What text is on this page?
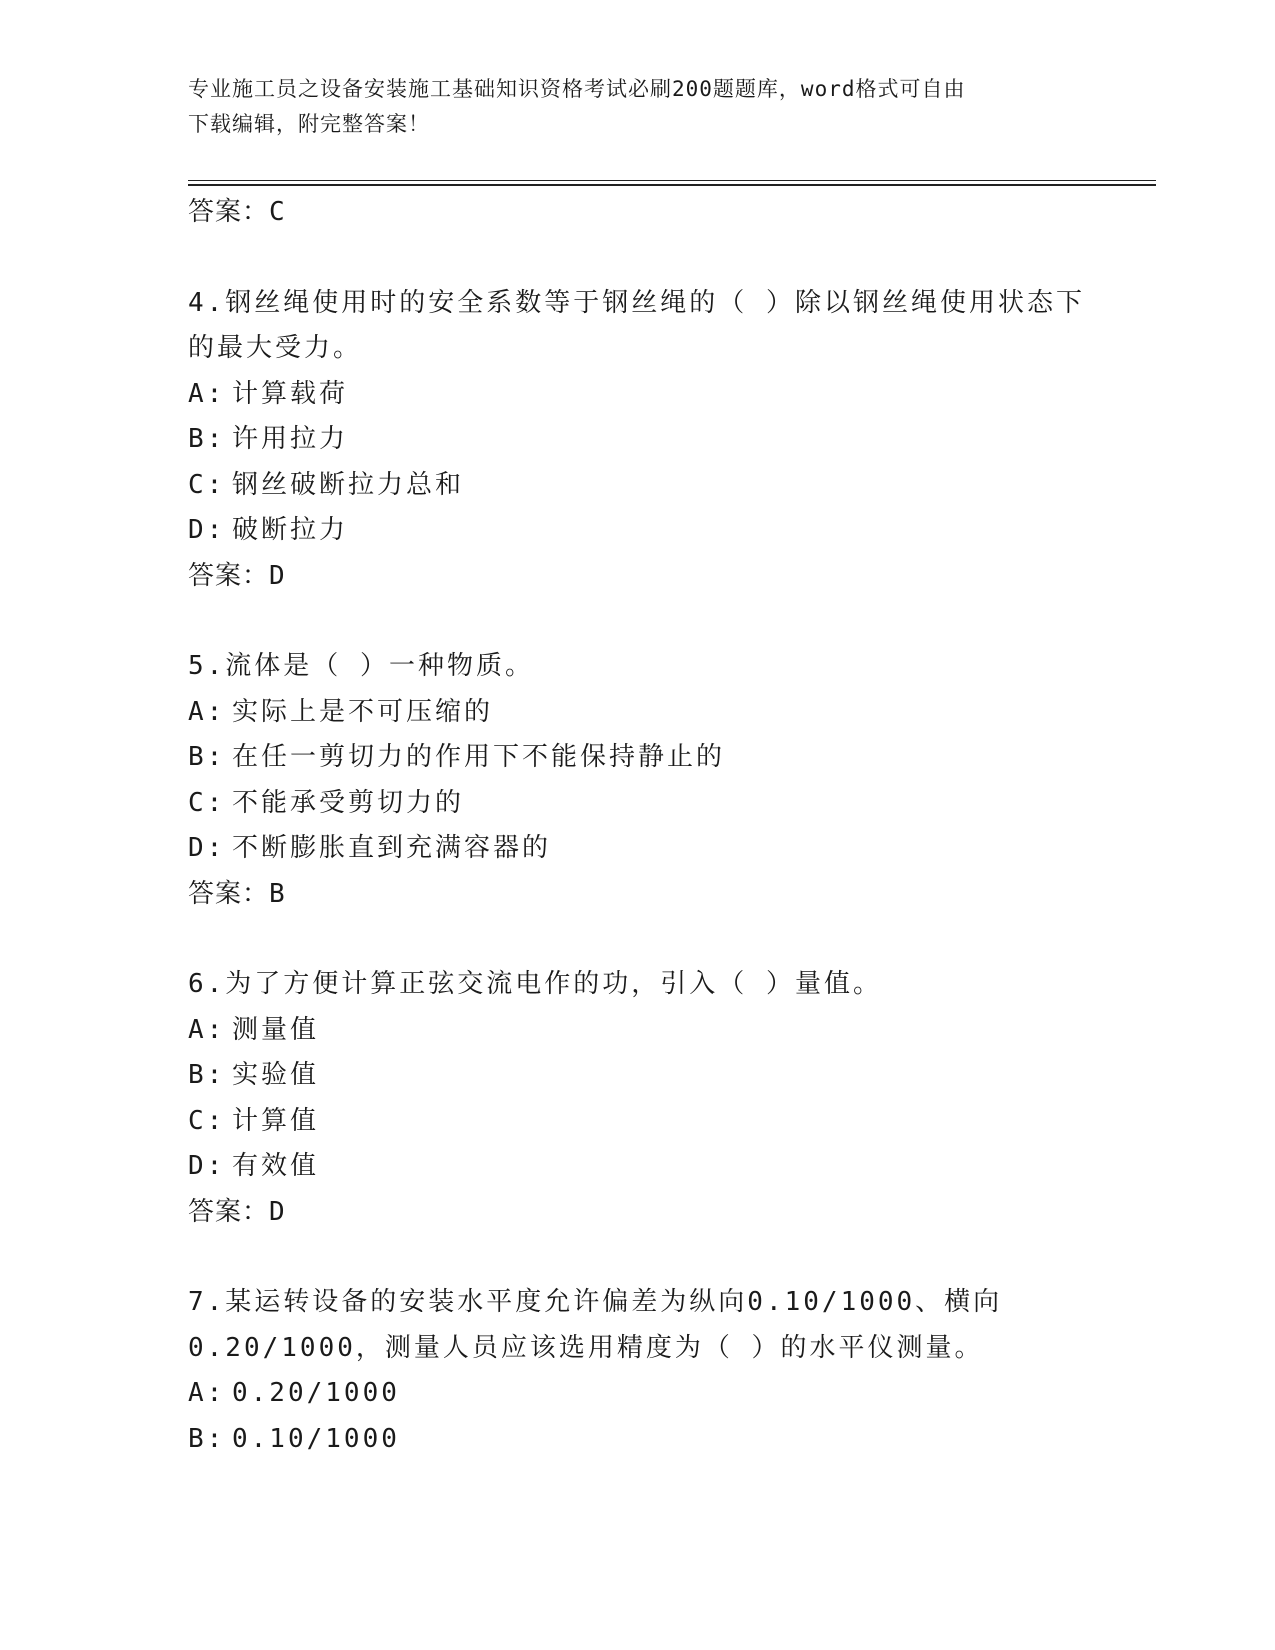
专业施工员之设备安装施工基础知识资格考试必刷200题题库，word格式可自由
下载编辑，附完整答案！
答案：C
4.钢丝绳使用时的安全系数等于钢丝绳的（ ）除以钢丝绳使用状态下
的最大受力。
A: 计算载荷
B: 许用拉力
C: 钢丝破断拉力总和
D: 破断拉力
答案：D
5.流体是（ ）一种物质。
A: 实际上是不可压缩的
B: 在任一剪切力的作用下不能保持静止的
C: 不能承受剪切力的
D: 不断膨胀直到充满容器的
答案：B
6.为了方便计算正弦交流电作的功，引入（ ）量值。
A: 测量值
B: 实验值
C: 计算值
D: 有效值
答案：D
7.某运转设备的安装水平度允许偏差为纵向0.10/1000、横向
0.20/1000，测量人员应该选用精度为（ ）的水平仪测量。
A: 0.20/1000
B: 0.10/1000
